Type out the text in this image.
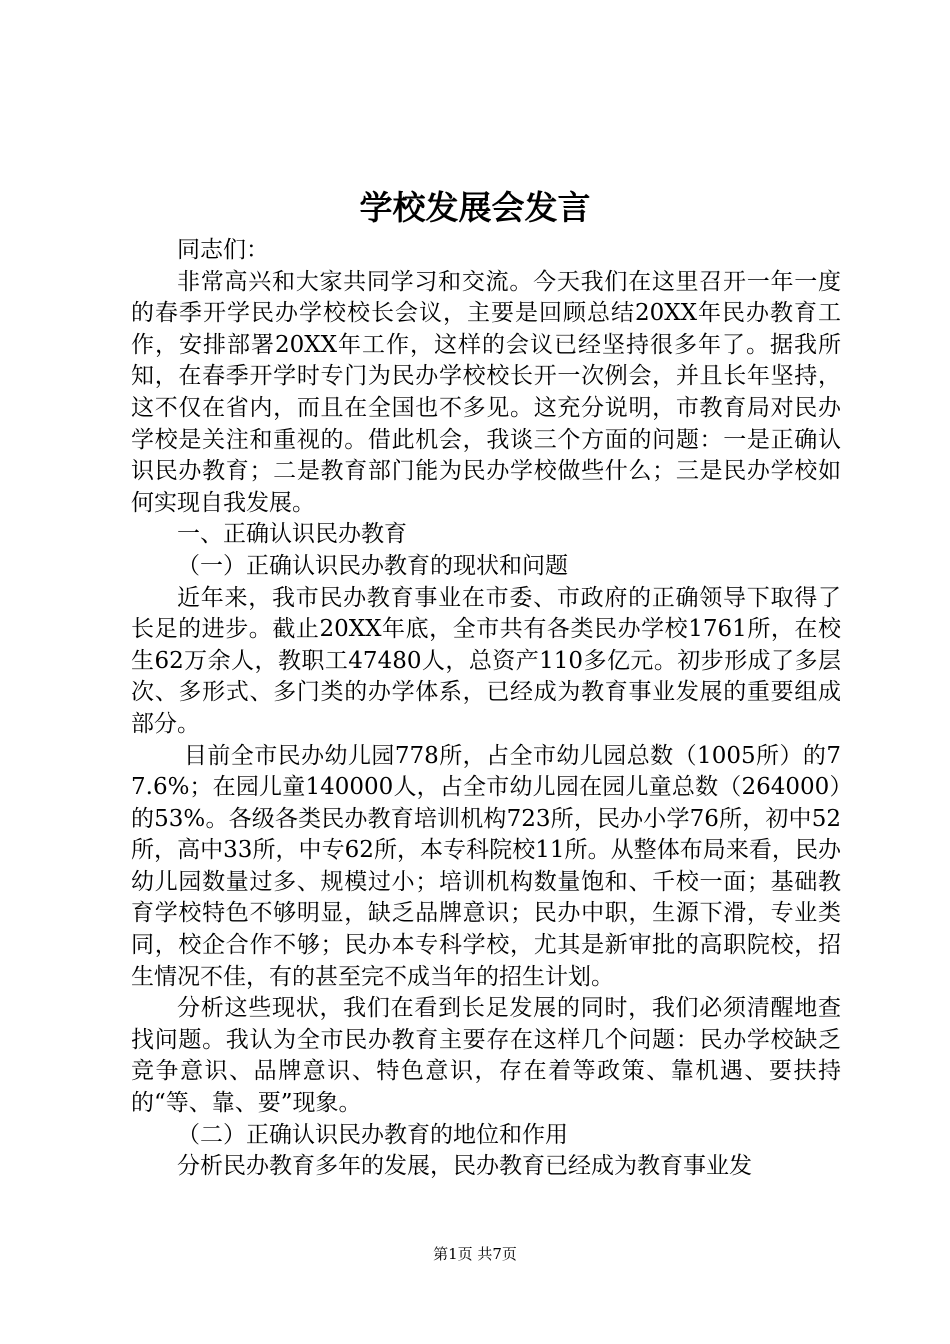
学校发展会发言

同志们：

非常高兴和大家共同学习和交流。今天我们在这里召开一年一度的春季开学民办学校校长会议，主要是回顾总结20XX年民办教育工作，安排部署20XX年工作，这样的会议已经坚持很多年了。据我所知，在春季开学时专门为民办学校校长开一次例会，并且长年坚持，这不仅在省内，而且在全国也不多见。这充分说明，市教育局对民办学校是关注和重视的。借此机会，我谈三个方面的问题：一是正确认识民办教育；二是教育部门能为民办学校做些什么；三是民办学校如何实现自我发展。

一、正确认识民办教育

（一）正确认识民办教育的现状和问题

近年来，我市民办教育事业在市委、市政府的正确领导下取得了长足的进步。截止20XX年底，全市共有各类民办学校1761所，在校生62万余人，教职工47480人，总资产110多亿元。初步形成了多层次、多形式、多门类的办学体系，已经成为教育事业发展的重要组成部分。

目前全市民办幼儿园778所，占全市幼儿园总数（1005所）的77.6%；在园儿童140000人，占全市幼儿园在园儿童总数（264000）的53%。各级各类民办教育培训机构723所，民办小学76所，初中52所，高中33所，中专62所，本专科院校11所。从整体布局来看，民办幼儿园数量过多、规模过小；培训机构数量饱和、千校一面；基础教育学校特色不够明显，缺乏品牌意识；民办中职，生源下滑，专业类同，校企合作不够；民办本专科学校，尤其是新审批的高职院校，招生情况不佳，有的甚至完不成当年的招生计划。

分析这些现状，我们在看到长足发展的同时，我们必须清醒地查找问题。我认为全市民办教育主要存在这样几个问题：民办学校缺乏竞争意识、品牌意识、特色意识，存在着等政策、靠机遇、要扶持的“等、靠、要”现象。

（二）正确认识民办教育的地位和作用

分析民办教育多年的发展，民办教育已经成为教育事业发

第1页 共7页
